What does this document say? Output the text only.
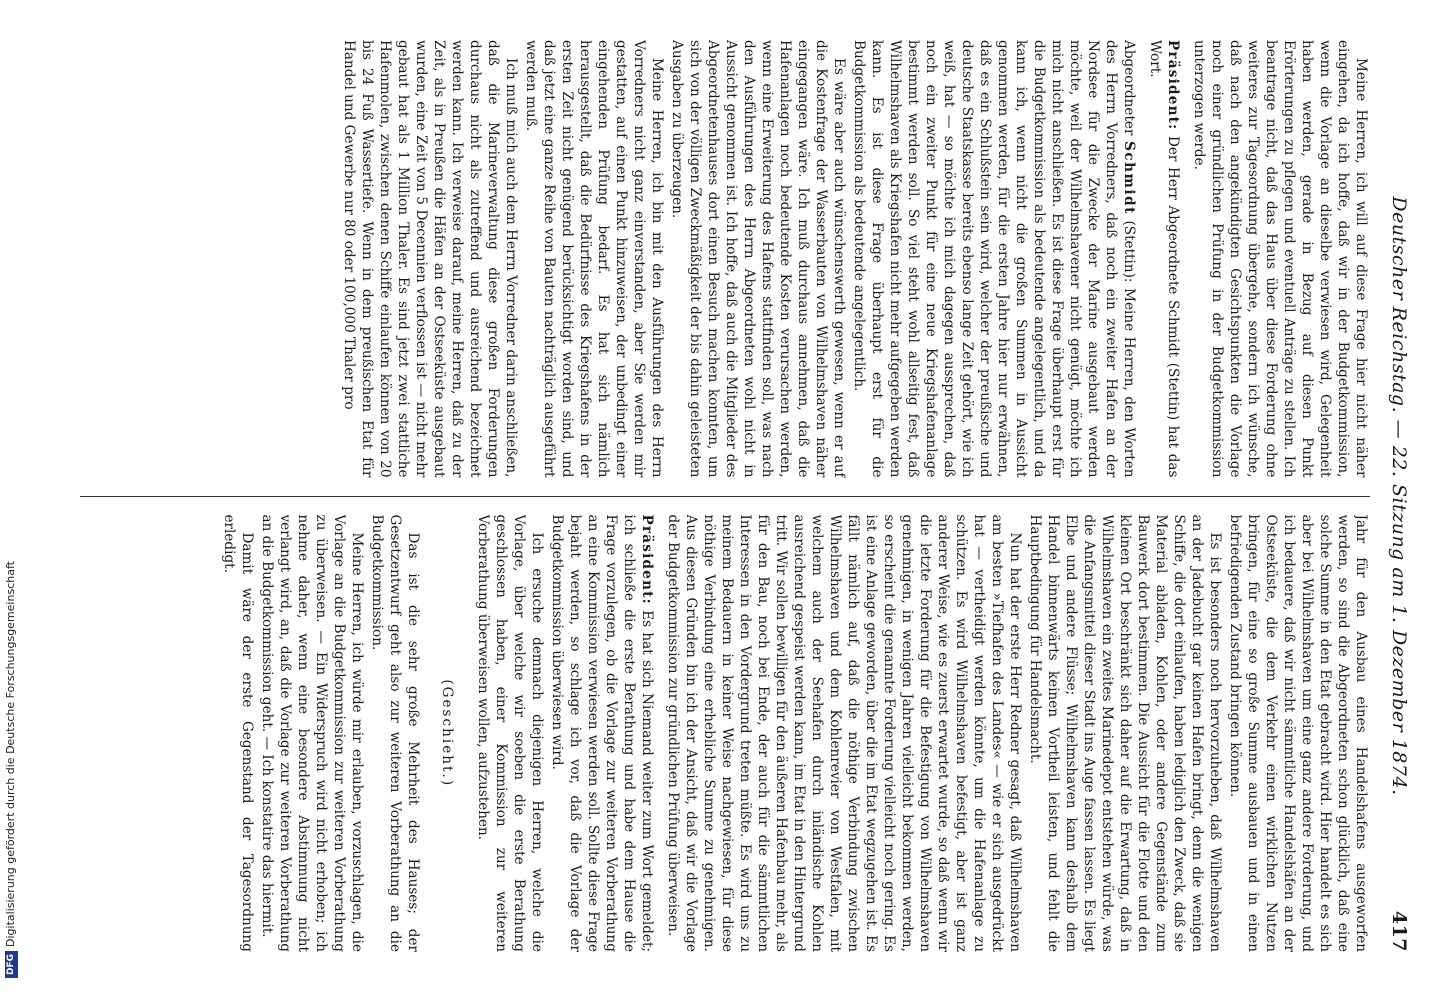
Deutscher Reichstag. — 22. Sitzung am 1. Dezember 1874.
417

Meine Herren, ich will auf diese Frage hier nicht näher eingehen, da ich hoffe, daß wir in der Budgetkommission, wenn die Vorlage an dieselbe verwiesen wird, Gelegenheit haben werden, gerade in Bezug auf diesen Punkt Erörterungen zu pflegen und eventuell Anträge zu stellen. Ich beantrage nicht, daß das Haus über diese Forderung ohne weiteres zur Tagesordnung übergehe, sondern ich wünsche, daß nach den angekündigten Gesichtspunkten die Vorlage noch einer gründlichen Prüfung in der Budgetkommission unterzogen werde.

Präsident: Der Herr Abgeordnete Schmidt (Stettin) hat das Wort.

Abgeordneter Schmidt (Stettin): Meine Herren, den Worten des Herrn Vorredners, daß noch ein zweiter Hafen an der Nordsee für die Zwecke der Marine ausgebaut werden möchte, weil der Wilhelmshavener nicht genügt, möchte ich mich nicht anschließen. Es ist diese Frage überhaupt erst für die Budgetkommission als bedeutende angelegentlich, und da kann ich, wenn nicht die großen Summen in Aussicht genommen werden, für die ersten Jahre hier nur erwähnen, daß es ein Schlußstein sein wird, welcher der preußische und deutsche Staatskasse bereits ebenso lange Zeit gehört, wie ich weiß, hat — so möchte ich mich dagegen aussprechen, daß noch ein zweiter Punkt für eine neue Kriegshafenanlage bestimmt werden soll. So viel steht wohl allseitig fest, daß Wilhelmshaven als Kriegshafen nicht mehr aufgegeben werden kann. Es ist diese Frage überhaupt erst für die Budgetkommission als bedeutende angelegentlich.

Es wäre aber auch wünschenswerth gewesen, wenn er auf die Kostenfrage der Wasserbauten von Wilhelmshaven näher eingegangen wäre. Ich muß durchaus annehmen, daß die Hafenanlagen noch bedeutende Kosten verursachen werden, wenn eine Erweiterung des Hafens stattfinden soll, was nach den Ausführungen des Herrn Abgeordneten wohl nicht in Aussicht genommen ist. Ich hoffe, daß auch die Mitglieder des Abgeordnetenhauses dort einen Besuch machen konnten, um sich von der völligen Zweckmäßigkeit der bis dahin geleisteten Ausgaben zu überzeugen.

Meine Herren, ich bin mit den Ausführungen des Herrn Vorredners nicht ganz einverstanden, aber Sie werden mir gestatten, auf einen Punkt hinzuweisen, der unbedingt einer eingehenden Prüfung bedarf. Es hat sich nämlich herausgestellt, daß die Bedürfnisse des Kriegshafens in der ersten Zeit nicht genügend berücksichtigt worden sind, und daß jetzt eine ganze Reihe von Bauten nachträglich ausgeführt werden muß.

Ich muß mich auch dem Herrn Vorredner darin anschließen, daß die Marineverwaltung diese großen Forderungen durchaus nicht als zutreffend und ausreichend bezeichnet werden kann. Ich verweise darauf, meine Herren, daß zu der Zeit, als in Preußen die Häfen an der Ostseeküste ausgebaut wurden, eine Zeit von 5 Decennien verflossen ist — nicht mehr gebaut hat als 1 Million Thaler. Es sind jetzt zwei stattliche Hafenmolen, zwischen denen Schiffe einlaufen können von 20 bis 24 Fuß Wassertiefe. Wenn in dem preußischen Etat für Handel und Gewerbe nur 80 oder 100,000 Thaler pro

Jahr für den Ausbau eines Handelshafens ausgeworfen werden, so sind die Abgeordneten schon glücklich, daß eine solche Summe in den Etat gebracht wird. Hier handelt es sich aber bei Wilhelmshaven um eine ganz andere Forderung, und ich bedauere, daß wir nicht sämmtliche Handelshäfen an der Ostseeküste, die dem Verkehr einen wirklichen Nutzen bringen, für eine so große Summe ausbauen und in einen befriedigenden Zustand bringen können.

Es ist besonders noch hervorzuheben, daß Wilhelmshaven an der Jadebucht gar keinen Hafen bringt, denn die wenigen Schiffe, die dort einlaufen, haben lediglich den Zweck, daß sie Material abladen, Kohlen, oder andere Gegenstände zum Bauwerk dort bestimmen. Die Aussicht für die Flotte und den kleinen Ort beschränkt sich daher auf die Erwartung, daß in Wilhelmshaven ein zweites Marinedepot entstehen würde, was die Anfangsmittel dieser Stadt ins Auge fassen lassen. Es liegt Elbe und andere Flüsse; Wilhelmshaven kann deshalb dem Handel binnenwärts keinen Vortheil leisten, und fehlt die Hauptbedingung für Handelsmacht.

Nun hat der erste Herr Redner gesagt, daß Wilhelmshaven am besten »Tiefhafen des Landes« — wie er sich ausgedrückt hat — vertheidigt werden könnte, um die Hafenanlage zu schützen. Es wird Wilhelmshaven befestigt, aber ist ganz anderer Weise, wie es zuerst erwartet wurde, so daß wenn wir die letzte Forderung für die Befestigung von Wilhelmshaven genehmigen, in wenigen Jahren vielleicht bekommen werden, so erscheint die genannte Forderung vielleicht noch gering. Es ist eine Anlage geworden, über die im Etat wegzugehen ist. Es fällt nämlich auf, daß die nöthige Verbindung zwischen Wilhelmshaven und dem Kohlenrevier von Westfalen, mit welchem auch der Seehafen durch inländische Kohlen ausreichend gespeist werden kann, im Etat in den Hintergrund tritt. Wir sollen bewilligen für den äußeren Hafenbau mehr, als für den Bau, noch bei Ende, der auch für die sämmtlichen Interessen in den Vordergrund treten müßte. Es wird uns zu meinem Bedauern in keiner Weise nachgewiesen, für diese nöthige Verbindung eine erhebliche Summe zu genehmigen. Aus diesen Gründen bin ich der Ansicht, daß wir die Vorlage der Budgetkommission zur gründlichen Prüfung überweisen.

Präsident: Es hat sich Niemand weiter zum Wort gemeldet; ich schließe die erste Berathung und habe dem Hause die Frage vorzulegen, ob die Vorlage zur weiteren Vorberathung an eine Kommission verwiesen werden soll. Sollte diese Frage bejaht werden, so schlage ich vor, daß die Vorlage der Budgetkommission überwiesen wird.

Ich ersuche demnach diejenigen Herren, welche die Vorlage, über welche wir soeben die erste Berathung geschlossen haben, einer Kommission zur weiteren Vorberathung überweisen wollen, aufzustehen.

(Geschieht.)

Das ist die sehr große Mehrheit des Hauses; der Gesetzentwurf geht also zur weiteren Vorberathung an die Budgetkommission.

Meine Herren, ich würde mir erlauben, vorzuschlagen, die Vorlage an die Budgetkommission zur weiteren Vorberathung zu überweisen. — Ein Widerspruch wird nicht erhoben; ich nehme daher, wenn eine besondere Abstimmung nicht verlangt wird, an, daß die Vorlage zur weiteren Vorberathung an die Budgetkommission geht. — Ich konstatire das hiermit.

Damit wäre der erste Gegenstand der Tagesordnung erledigt.

DFGDigitalisierung gefördert durch die Deutsche Forschungsgemeinschaft
